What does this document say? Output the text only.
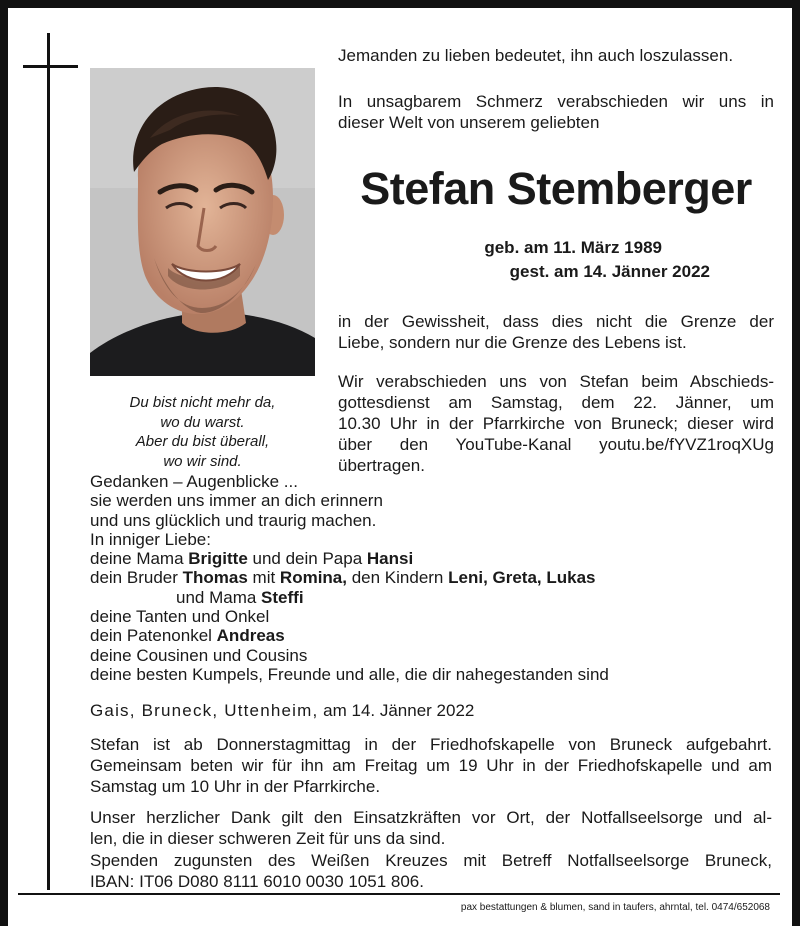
Du bist nicht mehr da,
wo du warst.
Aber du bist überall,
wo wir sind.
Jemanden zu lieben bedeutet, ihn auch loszulassen.
In unsagbarem Schmerz verabschieden wir uns in
dieser Welt von unserem geliebten
Stefan Stemberger
geb. am 11. März 1989
gest. am 14. Jänner 2022
in der Gewissheit, dass dies nicht die Grenze der
Liebe, sondern nur die Grenze des Lebens ist.
Wir verabschieden uns von Stefan beim Abschieds-
gottesdienst am Samstag, dem 22. Jänner, um
10.30 Uhr in der Pfarrkirche von Bruneck; dieser wird
über den YouTube-Kanal youtu.be/fYVZ1roqXUg
übertragen.
Gedanken – Augenblicke ...
sie werden uns immer an dich erinnern
und uns glücklich und traurig machen.
In inniger Liebe:
deine Mama Brigitte und dein Papa Hansi
dein Bruder Thomas mit Romina, den Kindern Leni, Greta, Lukas
und Mama Steffi
deine Tanten und Onkel
dein Patenonkel Andreas
deine Cousinen und Cousins
deine besten Kumpels, Freunde und alle, die dir nahegestanden sind
Gais, Bruneck, Uttenheim, am 14. Jänner 2022
Stefan ist ab Donnerstagmittag in der Friedhofskapelle von Bruneck aufgebahrt.
Gemeinsam beten wir für ihn am Freitag um 19 Uhr in der Friedhofskapelle und am
Samstag um 10 Uhr in der Pfarrkirche.
Unser herzlicher Dank gilt den Einsatzkräften vor Ort, der Notfallseelsorge und al-
len, die in dieser schweren Zeit für uns da sind.
Spenden zugunsten des Weißen Kreuzes mit Betreff Notfallseelsorge Bruneck,
IBAN: IT06 D080 8111 6010 0030 1051 806.
pax bestattungen & blumen, sand in taufers, ahrntal, tel. 0474/652068
